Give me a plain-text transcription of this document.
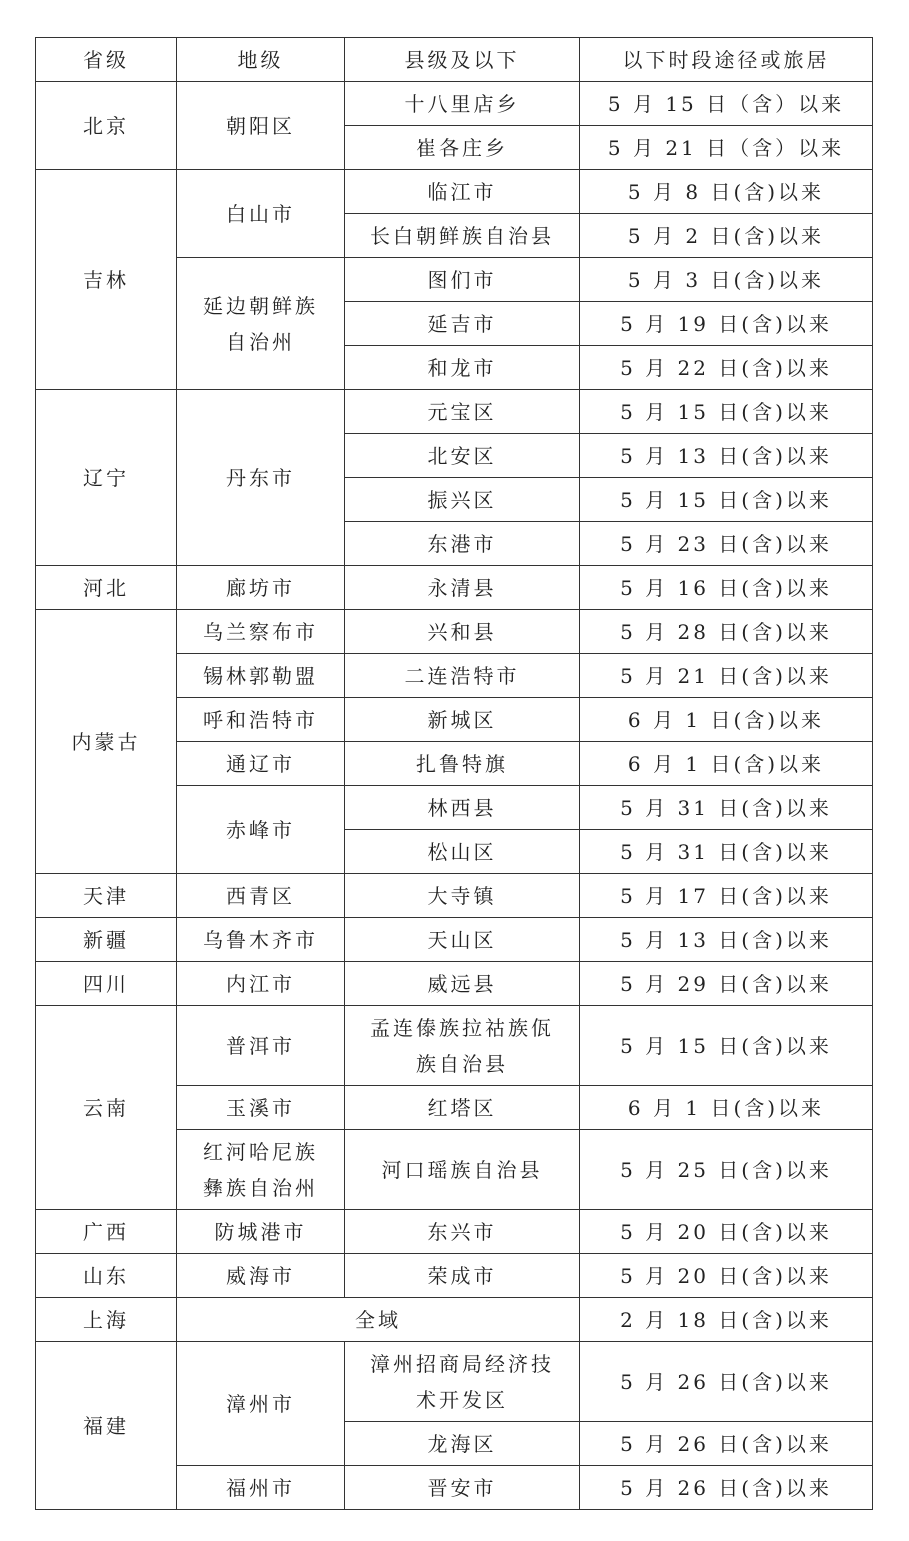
省级	地级	县级及以下	以下时段途径或旅居
北京	朝阳区	十八里店乡	5 月 15 日（含）以来
		崔各庄乡	5 月 21 日（含）以来
吉林	白山市	临江市	5 月 8 日(含)以来
		长白朝鲜族自治县	5 月 2 日(含)以来
	延边朝鲜族自治州	图们市	5 月 3 日(含)以来
		延吉市	5 月 19 日(含)以来
		和龙市	5 月 22 日(含)以来
辽宁	丹东市	元宝区	5 月 15 日(含)以来
		北安区	5 月 13 日(含)以来
		振兴区	5 月 15 日(含)以来
		东港市	5 月 23 日(含)以来
河北	廊坊市	永清县	5 月 16 日(含)以来
内蒙古	乌兰察布市	兴和县	5 月 28 日(含)以来
	锡林郭勒盟	二连浩特市	5 月 21 日(含)以来
	呼和浩特市	新城区	6 月 1 日(含)以来
	通辽市	扎鲁特旗	6 月 1 日(含)以来
	赤峰市	林西县	5 月 31 日(含)以来
		松山区	5 月 31 日(含)以来
天津	西青区	大寺镇	5 月 17 日(含)以来
新疆	乌鲁木齐市	天山区	5 月 13 日(含)以来
四川	内江市	威远县	5 月 29 日(含)以来
云南	普洱市	孟连傣族拉祜族佤族自治县	5 月 15 日(含)以来
	玉溪市	红塔区	6 月 1 日(含)以来
	红河哈尼族彝族自治州	河口瑶族自治县	5 月 25 日(含)以来
广西	防城港市	东兴市	5 月 20 日(含)以来
山东	威海市	荣成市	5 月 20 日(含)以来
上海	全域		2 月 18 日(含)以来
福建	漳州市	漳州招商局经济技术开发区	5 月 26 日(含)以来
		龙海区	5 月 26 日(含)以来
	福州市	晋安市	5 月 26 日(含)以来
